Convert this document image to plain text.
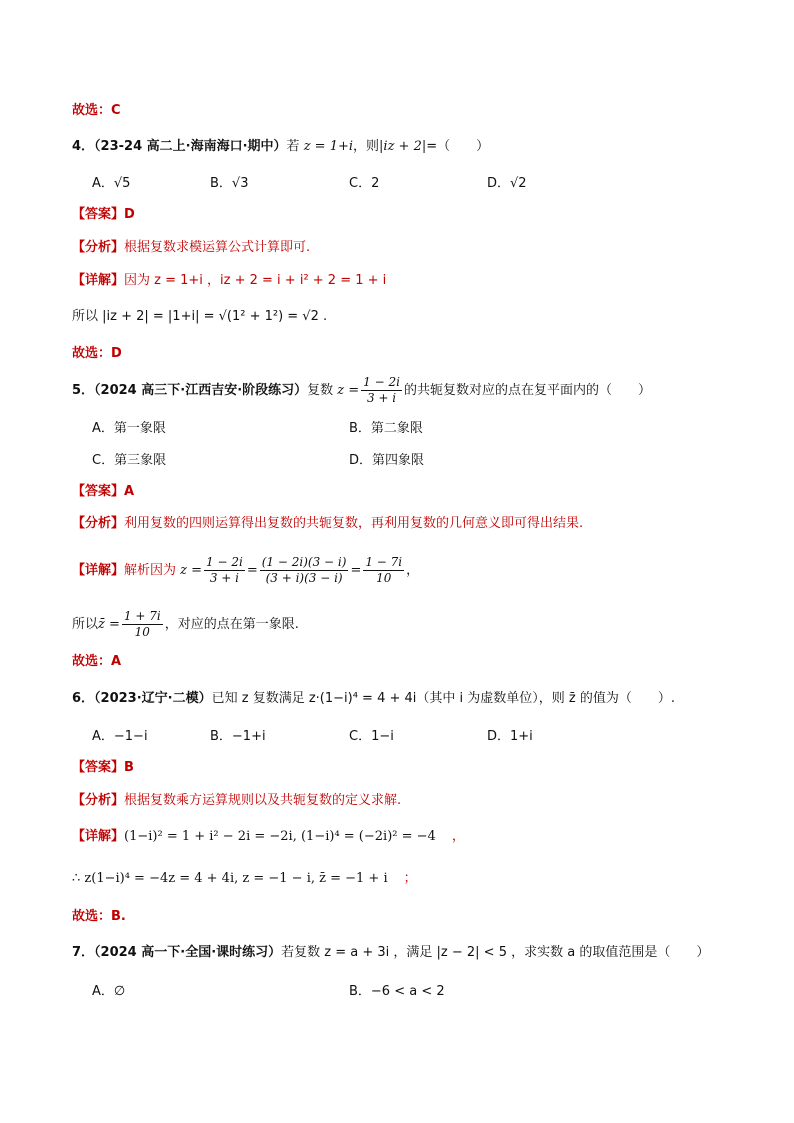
故选：C
4．（23-24 高二上·海南海口·期中）若 z = 1+i，则|iz + 2|=（　　）
A．√5	B．√3	C．2	D．√2
【答案】D
【分析】根据复数求模运算公式计算即可.
【详解】因为 z = 1+i ，iz + 2 = i + i² + 2 = 1 + i
所以 |iz + 2| = |1+i| = √(1² + 1²) = √2 .
故选：D
5．（2024 高三下·江西吉安·阶段练习）复数 $z = \frac{1 - 2i}{3 + i}$ 的共轭复数对应的点在复平面内的（　　）
A．第一象限	B．第二象限
C．第三象限	D．第四象限
【答案】A
【分析】利用复数的四则运算得出复数的共轭复数，再利用复数的几何意义即可得出结果.
【详解】解析因为 $z = \frac{1 - 2i}{3 + i} = \frac{(1 - 2i)(3 - i)}{(3 + i)(3 - i)} = \frac{1 - 7i}{10}$ ，
所以z̄ = $\frac{1 + 7i}{10}$ ，对应的点在第一象限.
故选：A
6．（2023·辽宁·二模）已知 z 复数满足 z·(1−i)⁴ = 4 + 4i（其中 i 为虚数单位），则 z̄ 的值为（　　）.
A．−1−i	B．−1+i	C．1−i	D．1+i
【答案】B
【分析】根据复数乘方运算规则以及共轭复数的定义求解.
【详解】(1−i)² = 1 + i² − 2i = −2i, (1−i)⁴ = (−2i)² = −4 ，
∴ z(1−i)⁴ = −4z = 4 + 4i, z = −1 − i, z̄ = −1 + i ；
故选：B.
7．（2024 高一下·全国·课时练习）若复数 z = a + 3i ，满足 |z − 2| < 5 ，求实数 a 的取值范围是（　　）
A．∅	B．−6 < a < 2
